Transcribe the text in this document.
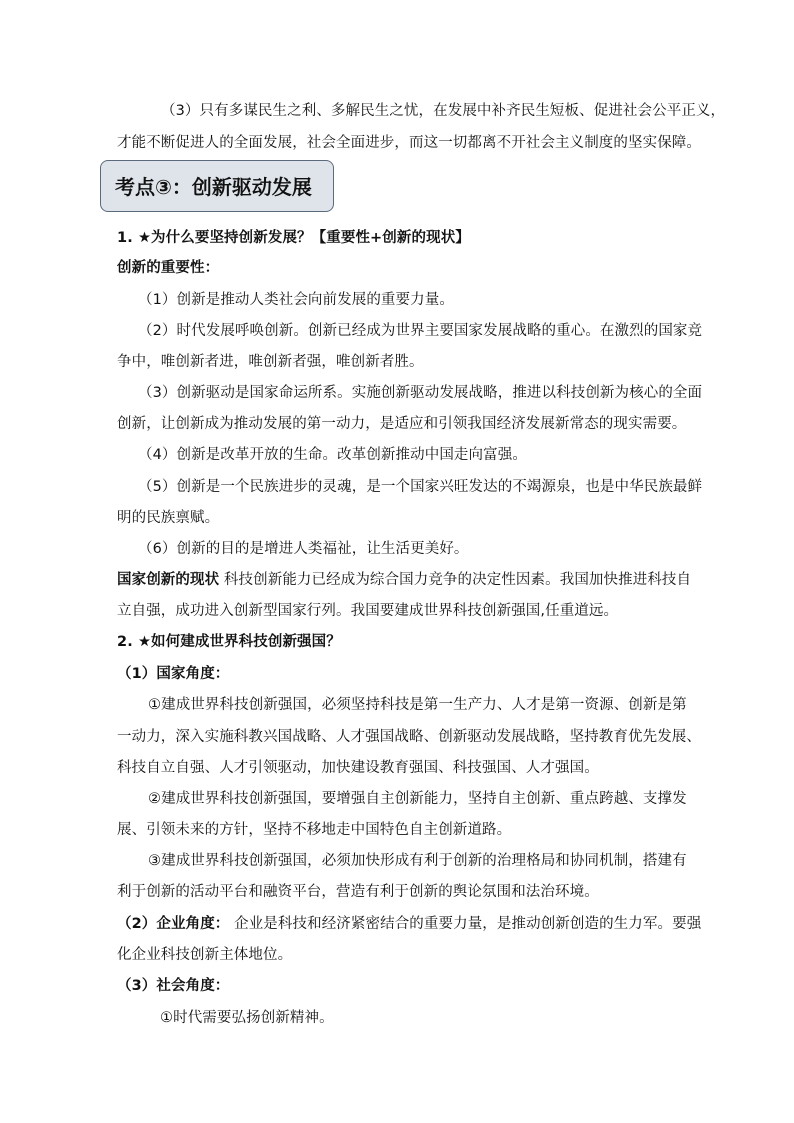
（3）只有多谋民生之利、多解民生之忧，在发展中补齐民生短板、促进社会公平正义，
才能不断促进人的全面发展，社会全面进步，而这一切都离不开社会主义制度的坚实保障。
考点③：创新驱动发展
1. ★为什么要坚持创新发展？【重要性+创新的现状】
创新的重要性：
（1）创新是推动人类社会向前发展的重要力量。
（2）时代发展呼唤创新。创新已经成为世界主要国家发展战略的重心。在激烈的国家竞
争中，唯创新者进，唯创新者强，唯创新者胜。
（3）创新驱动是国家命运所系。实施创新驱动发展战略，推进以科技创新为核心的全面
创新，让创新成为推动发展的第一动力，是适应和引领我国经济发展新常态的现实需要。
（4）创新是改革开放的生命。改革创新推动中国走向富强。
（5）创新是一个民族进步的灵魂，是一个国家兴旺发达的不竭源泉，也是中华民族最鲜
明的民族禀赋。
（6）创新的目的是增进人类福祉，让生活更美好。
国家创新的现状 科技创新能力已经成为综合国力竞争的决定性因素。我国加快推进科技自
立自强，成功进入创新型国家行列。我国要建成世界科技创新强国,任重道远。
2. ★如何建成世界科技创新强国？
（1）国家角度：
①建成世界科技创新强国，必须坚持科技是第一生产力、人才是第一资源、创新是第
一动力，深入实施科教兴国战略、人才强国战略、创新驱动发展战略，坚持教育优先发展、
科技自立自强、人才引领驱动，加快建设教育强国、科技强国、人才强国。
②建成世界科技创新强国，要增强自主创新能力，坚持自主创新、重点跨越、支撑发
展、引领未来的方针，坚持不移地走中国特色自主创新道路。
③建成世界科技创新强国，必须加快形成有利于创新的治理格局和协同机制，搭建有
利于创新的活动平台和融资平台，营造有利于创新的舆论氛围和法治环境。
（2）企业角度： 企业是科技和经济紧密结合的重要力量，是推动创新创造的生力军。要强
化企业科技创新主体地位。
（3）社会角度：
①时代需要弘扬创新精神。
